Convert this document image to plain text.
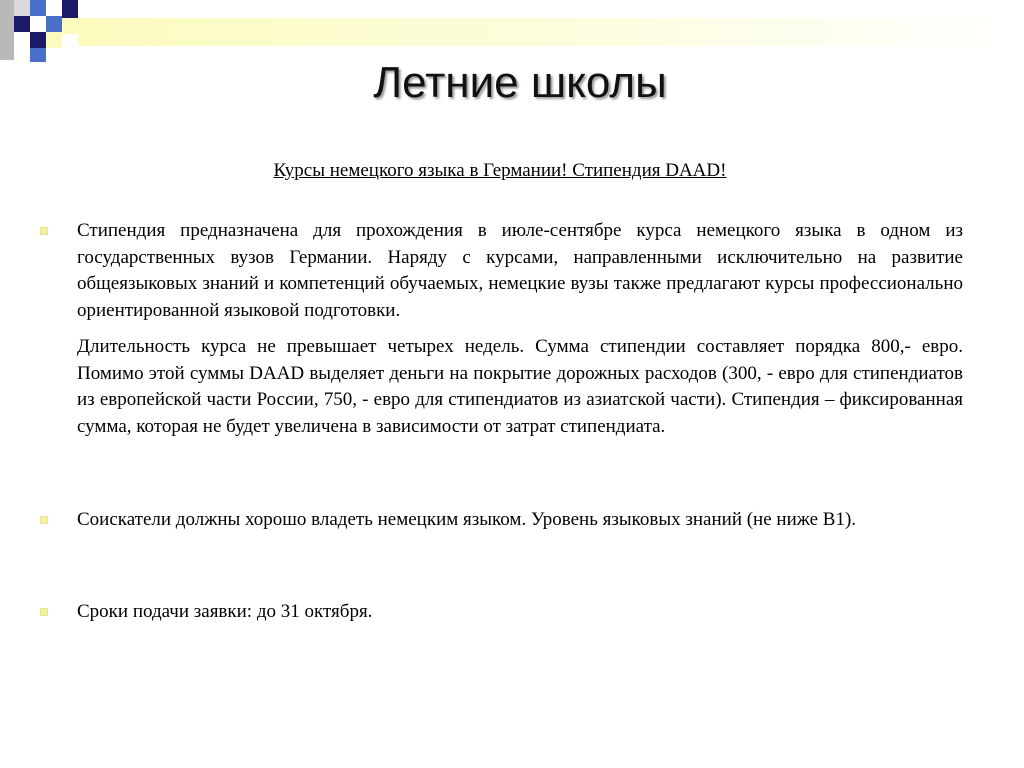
Летние школы
Курсы немецкого языка в Германии! Стипендия DAAD!

Стипендия предназначена для прохождения в июле-сентябре курса немецкого языка в одном из государственных вузов Германии. Наряду с курсами, направленными исключительно на развитие общеязыковых знаний и компетенций обучаемых, немецкие вузы также предлагают курсы профессионально ориентированной языковой подготовки.

Длительность курса не превышает четырех недель. Сумма стипендии составляет порядка 800,- евро. Помимо этой суммы DAAD выделяет деньги на покрытие дорожных расходов (300, - евро для стипендиатов из европейской части России, 750, - евро для стипендиатов из азиатской части). Стипендия – фиксированная сумма, которая не будет увеличена в зависимости от затрат стипендиата.

Соискатели должны хорошо владеть немецким языком. Уровень языковых знаний (не ниже B1).

Сроки подачи заявки: до 31 октября.
